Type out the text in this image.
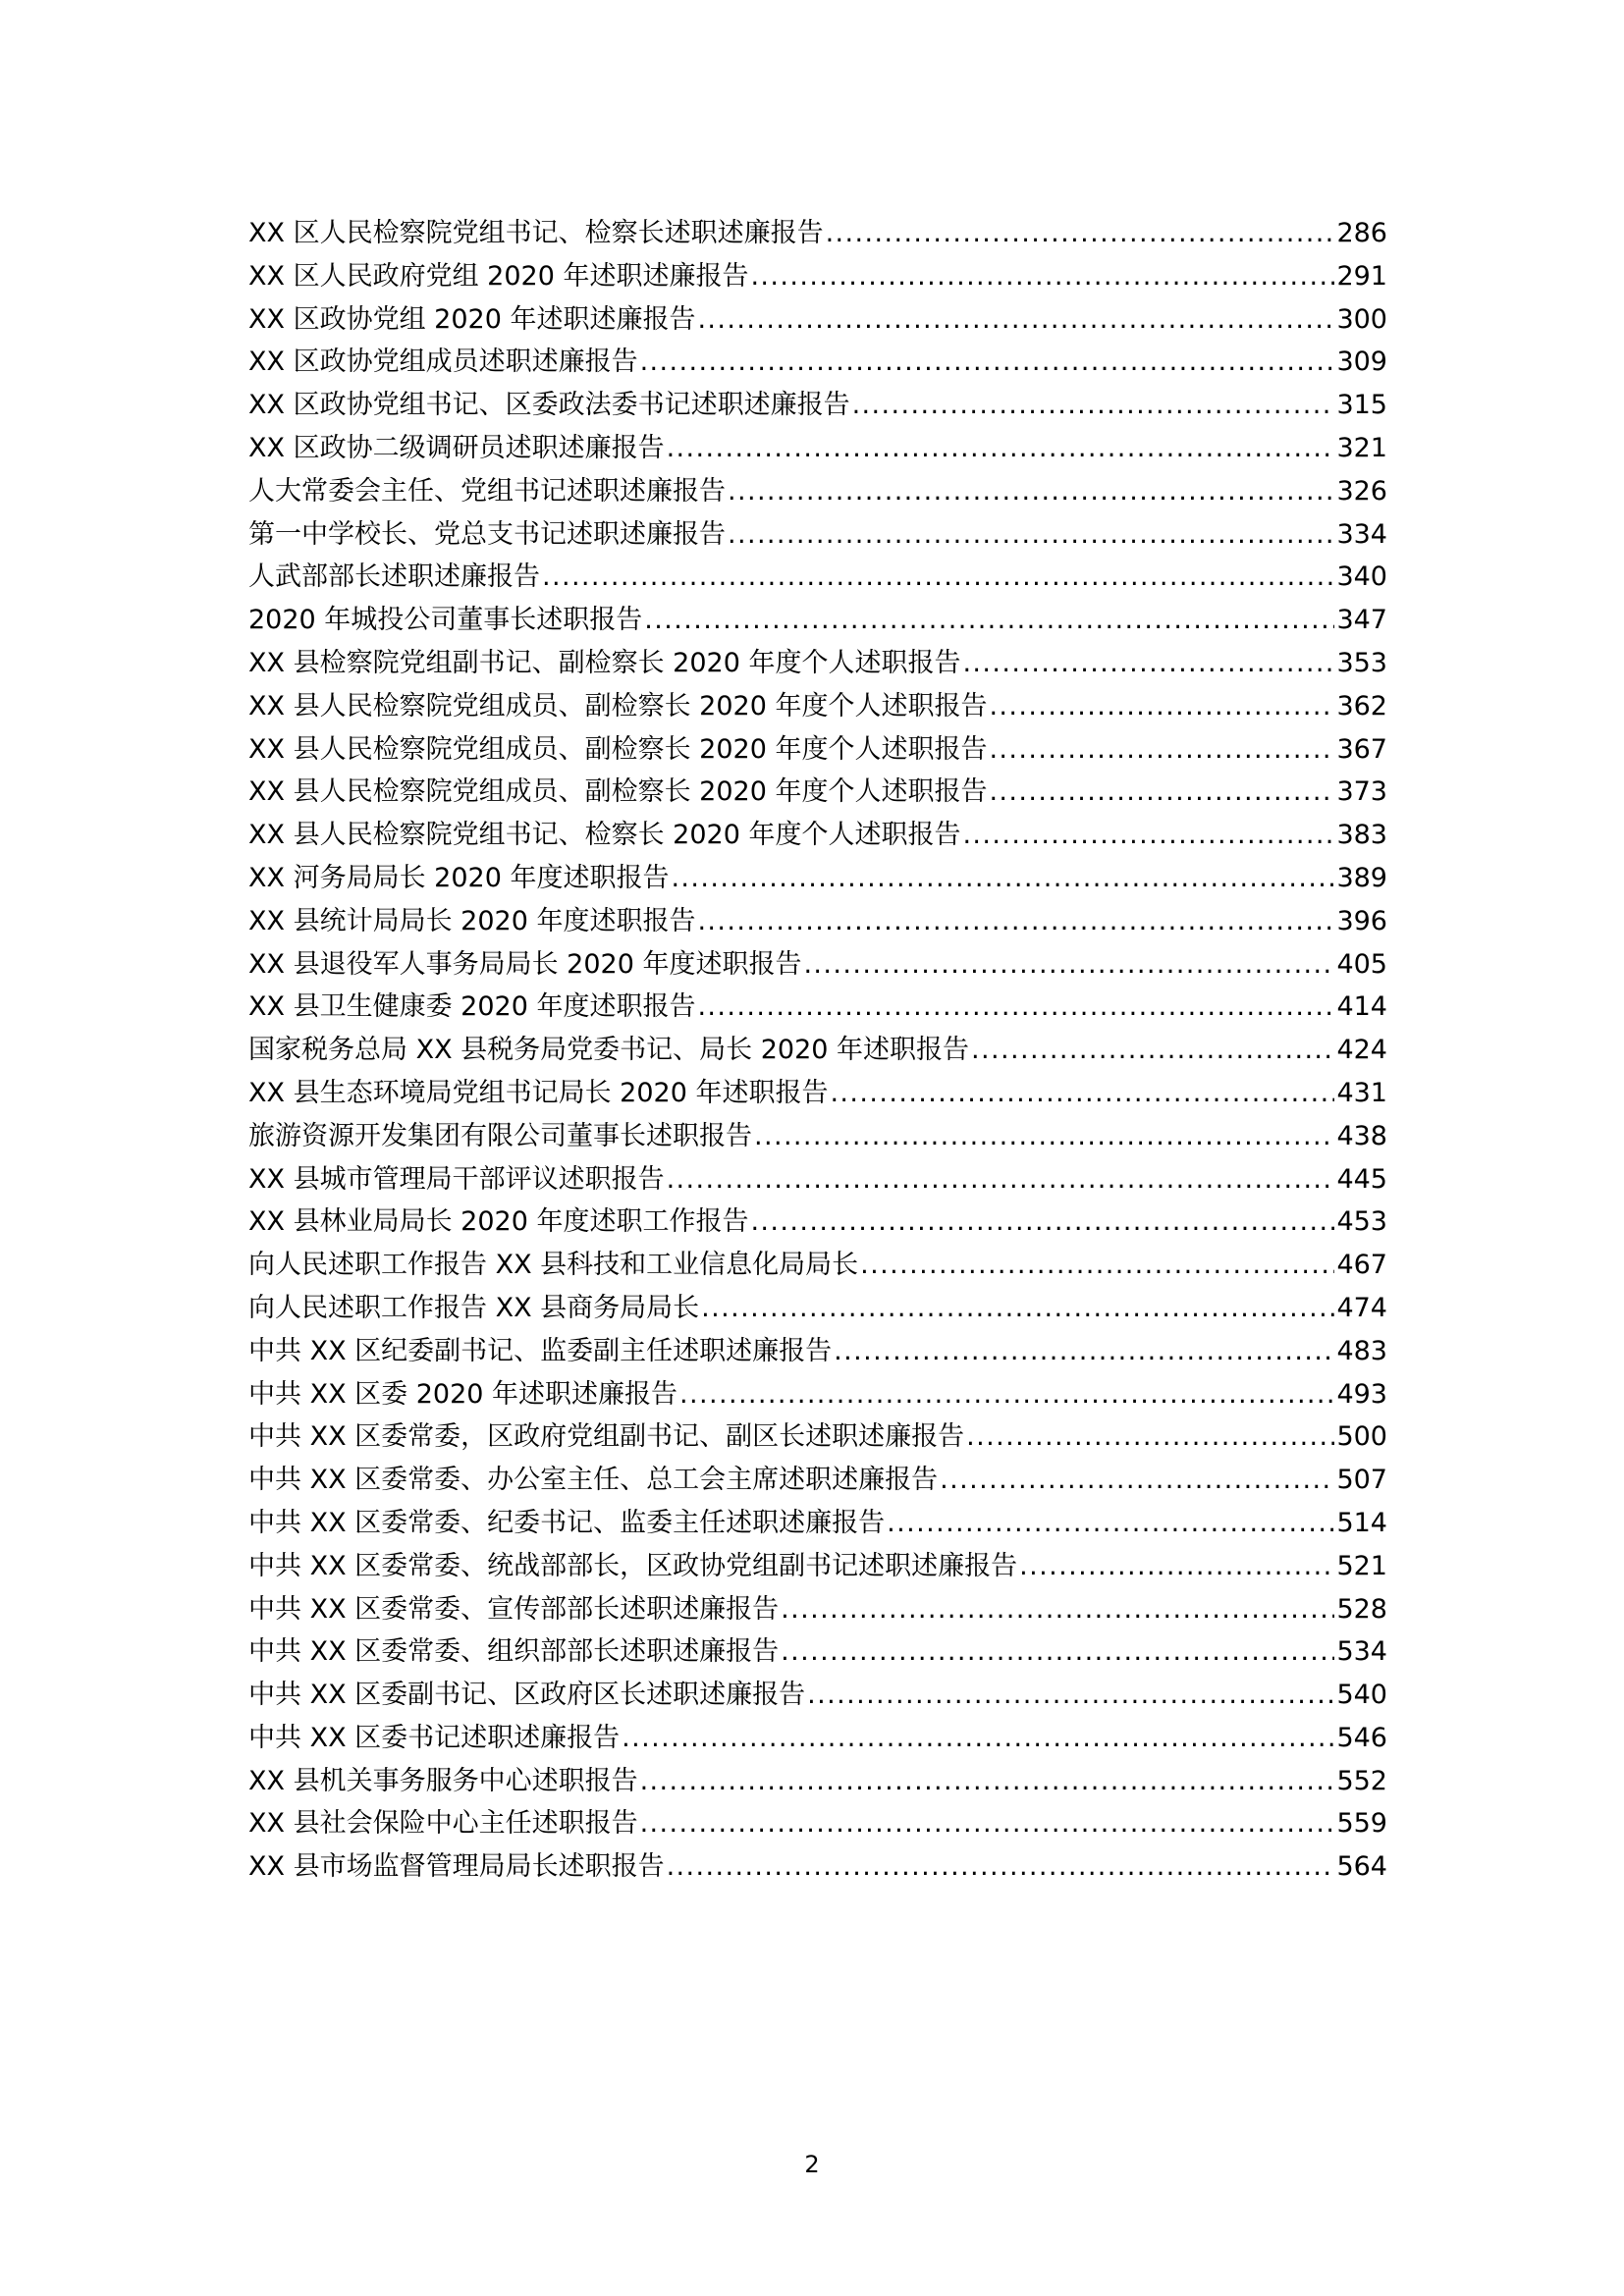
XX 区人民检察院党组书记、检察长述职述廉报告 .....	286
XX 区人民政府党组 2020 年述职述廉报告 .....	291
XX 区政协党组 2020 年述职述廉报告 .....	300
XX 区政协党组成员述职述廉报告 .....	309
XX 区政协党组书记、区委政法委书记述职述廉报告 .....	315
XX 区政协二级调研员述职述廉报告 .....	321
人大常委会主任、党组书记述职述廉报告 .....	326
第一中学校长、党总支书记述职述廉报告 .....	334
人武部部长述职述廉报告 .....	340
2020 年城投公司董事长述职报告 .....	347
XX 县检察院党组副书记、副检察长 2020 年度个人述职报告 .....	353
XX 县人民检察院党组成员、副检察长 2020 年度个人述职报告 .....	362
XX 县人民检察院党组成员、副检察长 2020 年度个人述职报告 .....	367
XX 县人民检察院党组成员、副检察长 2020 年度个人述职报告 .....	373
XX 县人民检察院党组书记、检察长 2020 年度个人述职报告 .....	383
XX 河务局局长 2020 年度述职报告 .....	389
XX 县统计局局长 2020 年度述职报告 .....	396
XX 县退役军人事务局局长 2020 年度述职报告 .....	405
XX 县卫生健康委 2020 年度述职报告 .....	414
国家税务总局 XX 县税务局党委书记、局长 2020 年述职报告 .....	424
XX 县生态环境局党组书记局长 2020 年述职报告 .....	431
旅游资源开发集团有限公司董事长述职报告 .....	438
XX 县城市管理局干部评议述职报告 .....	445
XX 县林业局局长 2020 年度述职工作报告 .....	453
向人民述职工作报告 XX 县科技和工业信息化局局长 .....	467
向人民述职工作报告 XX 县商务局局长 .....	474
中共 XX 区纪委副书记、监委副主任述职述廉报告 .....	483
中共 XX 区委 2020 年述职述廉报告 .....	493
中共 XX 区委常委，区政府党组副书记、副区长述职述廉报告 .....	500
中共 XX 区委常委、办公室主任、总工会主席述职述廉报告 .....	507
中共 XX 区委常委、纪委书记、监委主任述职述廉报告 .....	514
中共 XX 区委常委、统战部部长，区政协党组副书记述职述廉报告 .....	521
中共 XX 区委常委、宣传部部长述职述廉报告 .....	528
中共 XX 区委常委、组织部部长述职述廉报告 .....	534
中共 XX 区委副书记、区政府区长述职述廉报告 .....	540
中共 XX 区委书记述职述廉报告 .....	546
XX 县机关事务服务中心述职报告 .....	552
XX 县社会保险中心主任述职报告 .....	559
XX 县市场监督管理局局长述职报告 .....	564
2
